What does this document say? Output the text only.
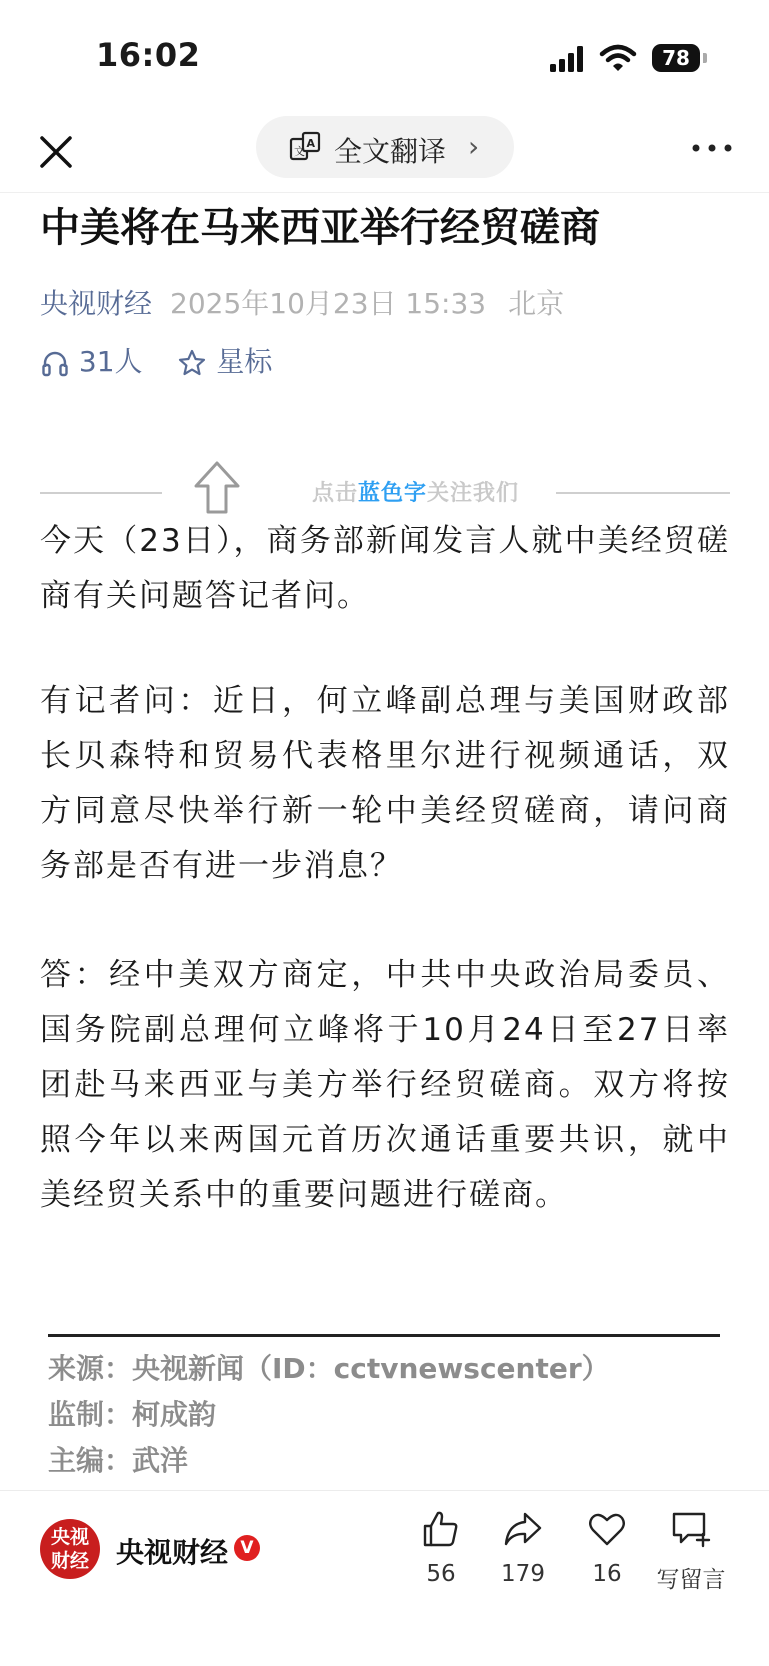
16:02	78
A
文 全文翻译 ›
中美将在马来西亚举行经贸磋商
央视财经 2025年10月23日 15:33 北京
31人	星标
点击蓝色字关注我们
今天（23日），商务部新闻发言人就中美经贸磋商有关问题答记者问。
有记者问：近日，何立峰副总理与美国财政部长贝森特和贸易代表格里尔进行视频通话，双方同意尽快举行新一轮中美经贸磋商，请问商务部是否有进一步消息？
答：经中美双方商定，中共中央政治局委员、国务院副总理何立峰将于10月24日至27日率团赴马来西亚与美方举行经贸磋商。双方将按照今年以来两国元首历次通话重要共识，就中美经贸关系中的重要问题进行磋商。
来源：央视新闻（ID：cctvnewscenter）
监制：柯成韵
主编：武洋
央视
财经 央视财经 V
56	179	16	写留言
